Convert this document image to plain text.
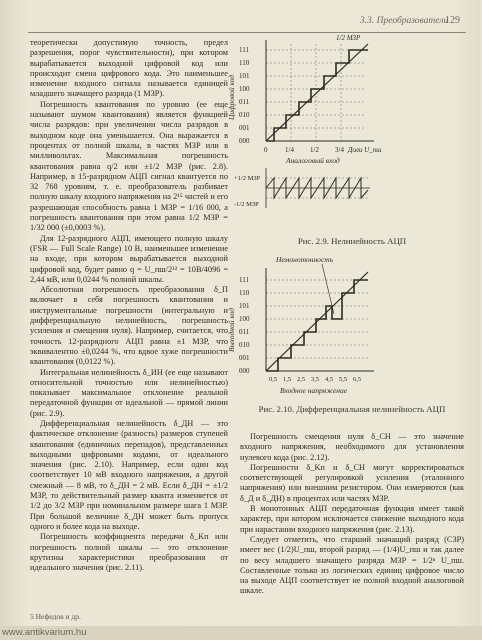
3.3. Преобразователи
129

теоретически допустимую точность, предел разрешения, порог чувствительности), при котором вырабатывается выходной цифровой код или происходит смена цифрового кода. Это наименьшее изменение входного сигнала называется единицей младшего значащего разряда (1 МЗР).

Погрешность квантования по уровню (ее еще называют шумом квантования) является функцией числа разрядов: при увеличении числа разрядов в выходном коде она уменьшается. Она выражается в процентах от полной шкалы, в частях МЗР или в милливольтах. Максимальная погрешность квантования равна q/2 или ±1/2 МЗР (рис. 2.8). Например, в 15-разрядном АЦП сигнал квантуется по 32 768 уровням, т. е. преобразователь разбивает полную шкалу входного напряжения на 2¹⁵ частей и его разрешающая способность равна 1 МЗР = 1/16 000, а погрешность квантования при этом равна 1/2 МЗР = 1/32 000 (±0,0003 %).

Для 12-разрядного АЦП, имеющего полную шкалу (FSR — Full Scale Range) 10 В, наименьшее изменение на входе, при котором вырабатывается выходной цифровой код, будет равно q = U_пш/2¹² = 10В/4096 = 2,44 мВ, или 0,0244 % полной шкалы.

Абсолютная погрешность преобразования δ_П включает в себя погрешность квантования и инструментальные погрешности (интегральную и дифференциальную нелинейность, погрешность усиления и смещения нуля). Например, считается, что точность 12-разрядного АЦП равна ±1 МЗР, что эквивалентно ±0,0244 %, что вдвое хуже погрешности квантования (0,0122 %).

Интегральная нелинейность δ_ИН (ее еще называют относительной точностью или нелинейностью) показывает максимальное отклонение реальной передаточной функции от идеальной — прямой линии (рис. 2.9).

Дифференциальная нелинейность δ_ДН — это фактическое отклонение (разность) размеров ступеней квантования (единичных перепадов), представленных выходными цифровыми кодами, от идеального значения (рис. 2.10). Например, если один код соответствует 10 мВ входного напряжения, а другой смежный — 8 мВ, то δ_ДН = 2 мВ. Если δ_ДН = ±1/2 МЗР, то действительный размер кванта изменяется от 1/2 до 3/2 МЗР при номинальном размере шага 1 МЗР. При большой величине δ_ДН может быть пропуск одного и более кода на выходе.

Погрешность коэффициента передачи δ_Kп или погрешность полной шкалы — это отклонение крутизны характеристики преобразования от идеального значения (рис. 2.11).

111
110
101
100
011
010
001
000
Цифровой код
1/2 МЗР
0	1/4 1/2 3/4 Доли U_пш
Аналоговый вход
+1/2 МЗР
-1/2 МЗР
Рис. 2.9. Нелинейность АЦП
Немонотонность
111
110
101
100
011
010
001
000
Выходной код
0,5 1,5 2,5 3,5 4,5 5,5 6,5
Входное напряжение
Рис. 2.10. Дифференциальная нелинейность АЦП

Погрешность смещения нуля δ_СН — это значение входного напряжения, необходимого для установления нулевого кода (рис. 2.12).

Погрешности δ_Kп и δ_СН могут корректироваться соответствующей регулировкой усиления (эталонного напряжения) или внешним резистором. Они измеряются (как δ_Д и δ_ДН) в процентах или частях МЗР.

В монотонных АЦП передаточная функция имеет такой характер, при котором исключается снижение выходного кода при нарастании входного напряжения (рис. 2.13).

Следует отметить, что старший значащий разряд (СЗР) имеет вес (1/2)U_пш, второй разряд — (1/4)U_пш и так далее по весу младшего значащего разряда МЗР = 1/2ⁿ U_пш. Составленные только из логических единиц цифровое число на выходе АЦП соответствует не полной входной аналоговой шкале.

5 Нефедов и др.
www.antikvarium.hu
